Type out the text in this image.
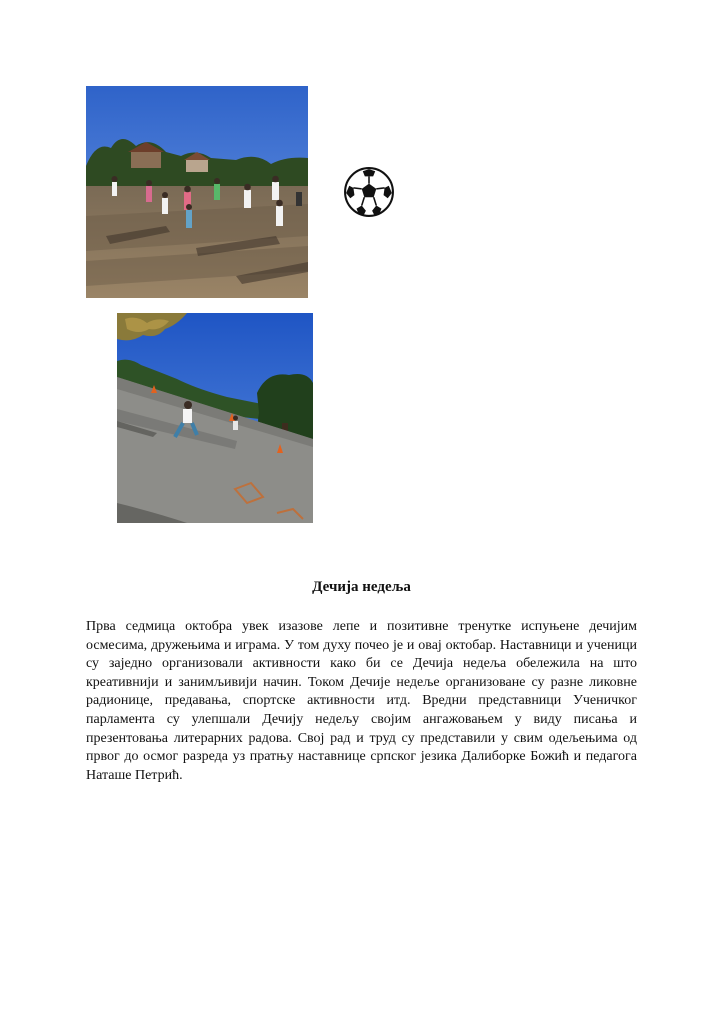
Дечија недеља

Прва седмица октобра увек изазове лепе и позитивне тренутке испуњене дечијим осмесима, дружењима и играма. У том духу почео је и овај октобар. Наставници и ученици су заједно организовали активности како би се Дечија недеља обележила на што креативнији и занимљивији начин. Током Дечије недеље организоване су разне ликовне радионице, предавања, спортске активности итд. Вредни представници Ученичког парламента су улепшали Дечију недељу својим ангажовањем у виду писања и презентовања литерарних радова. Свој рад и труд су представили у свим одељењима од првог до осмог разреда уз пратњу наставнице српског језика Далиборке Божић и педагога Наташе Петрић.
